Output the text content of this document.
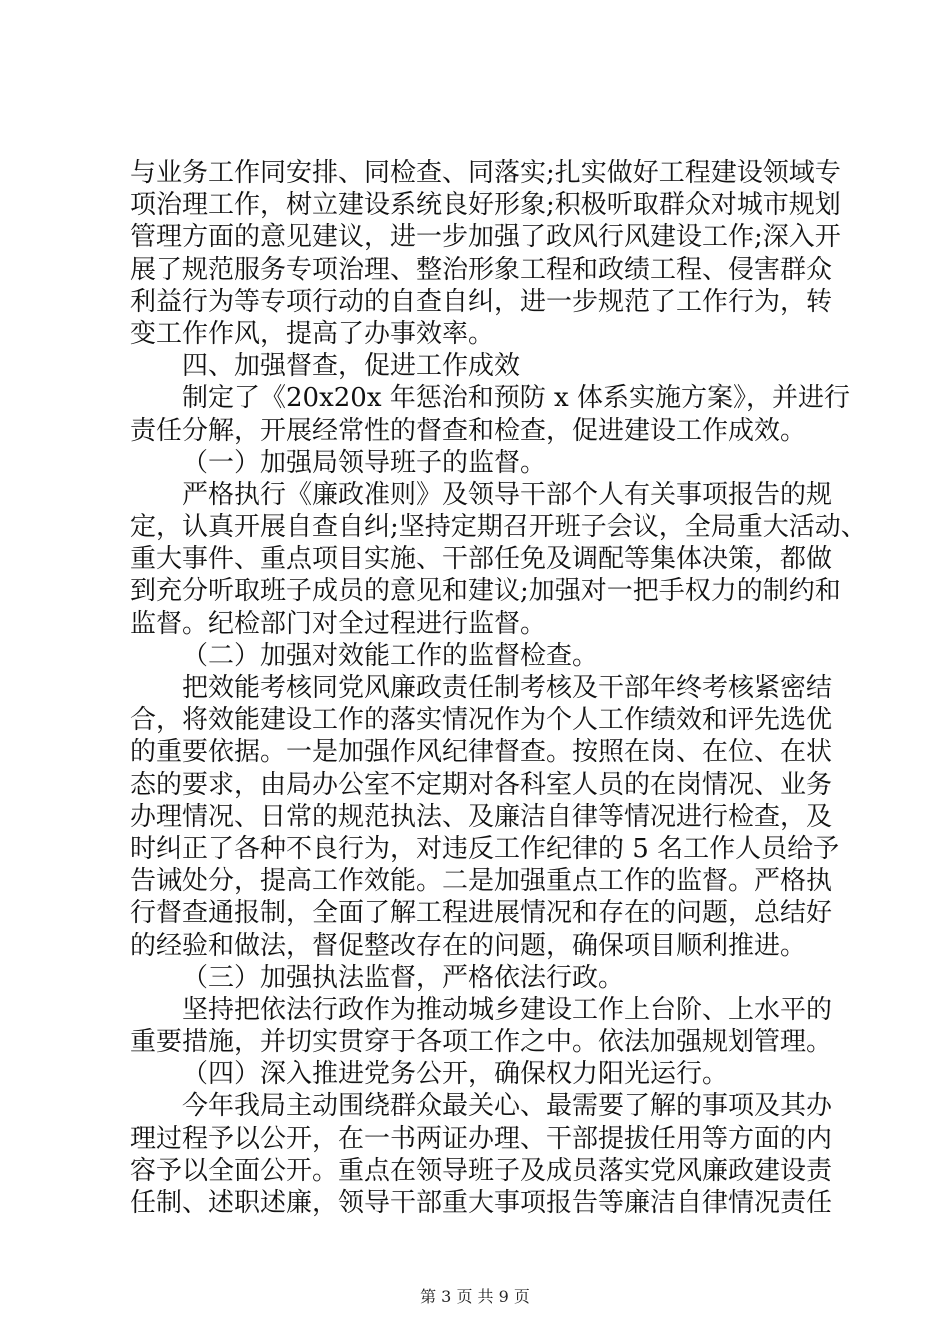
与业务工作同安排、同检查、同落实;扎实做好工程建设领域专
项治理工作，树立建设系统良好形象;积极听取群众对城市规划
管理方面的意见建议，进一步加强了政风行风建设工作;深入开
展了规范服务专项治理、整治形象工程和政绩工程、侵害群众
利益行为等专项行动的自查自纠，进一步规范了工作行为，转
变工作作风，提高了办事效率。
四、加强督查，促进工作成效
制定了《20x20x 年惩治和预防 x 体系实施方案》，并进行
责任分解，开展经常性的督查和检查，促进建设工作成效。
（一）加强局领导班子的监督。
严格执行《廉政准则》及领导干部个人有关事项报告的规
定，认真开展自查自纠;坚持定期召开班子会议，全局重大活动、
重大事件、重点项目实施、干部任免及调配等集体决策，都做
到充分听取班子成员的意见和建议;加强对一把手权力的制约和
监督。纪检部门对全过程进行监督。
（二）加强对效能工作的监督检查。
把效能考核同党风廉政责任制考核及干部年终考核紧密结
合，将效能建设工作的落实情况作为个人工作绩效和评先选优
的重要依据。一是加强作风纪律督查。按照在岗、在位、在状
态的要求，由局办公室不定期对各科室人员的在岗情况、业务
办理情况、日常的规范执法、及廉洁自律等情况进行检查，及
时纠正了各种不良行为，对违反工作纪律的 5 名工作人员给予
告诫处分，提高工作效能。二是加强重点工作的监督。严格执
行督查通报制，全面了解工程进展情况和存在的问题，总结好
的经验和做法，督促整改存在的问题，确保项目顺利推进。
（三）加强执法监督，严格依法行政。
坚持把依法行政作为推动城乡建设工作上台阶、上水平的
重要措施，并切实贯穿于各项工作之中。依法加强规划管理。
（四）深入推进党务公开，确保权力阳光运行。
今年我局主动围绕群众最关心、最需要了解的事项及其办
理过程予以公开，在一书两证办理、干部提拔任用等方面的内
容予以全面公开。重点在领导班子及成员落实党风廉政建设责
任制、述职述廉，领导干部重大事项报告等廉洁自律情况责任
第 3 页 共 9 页
